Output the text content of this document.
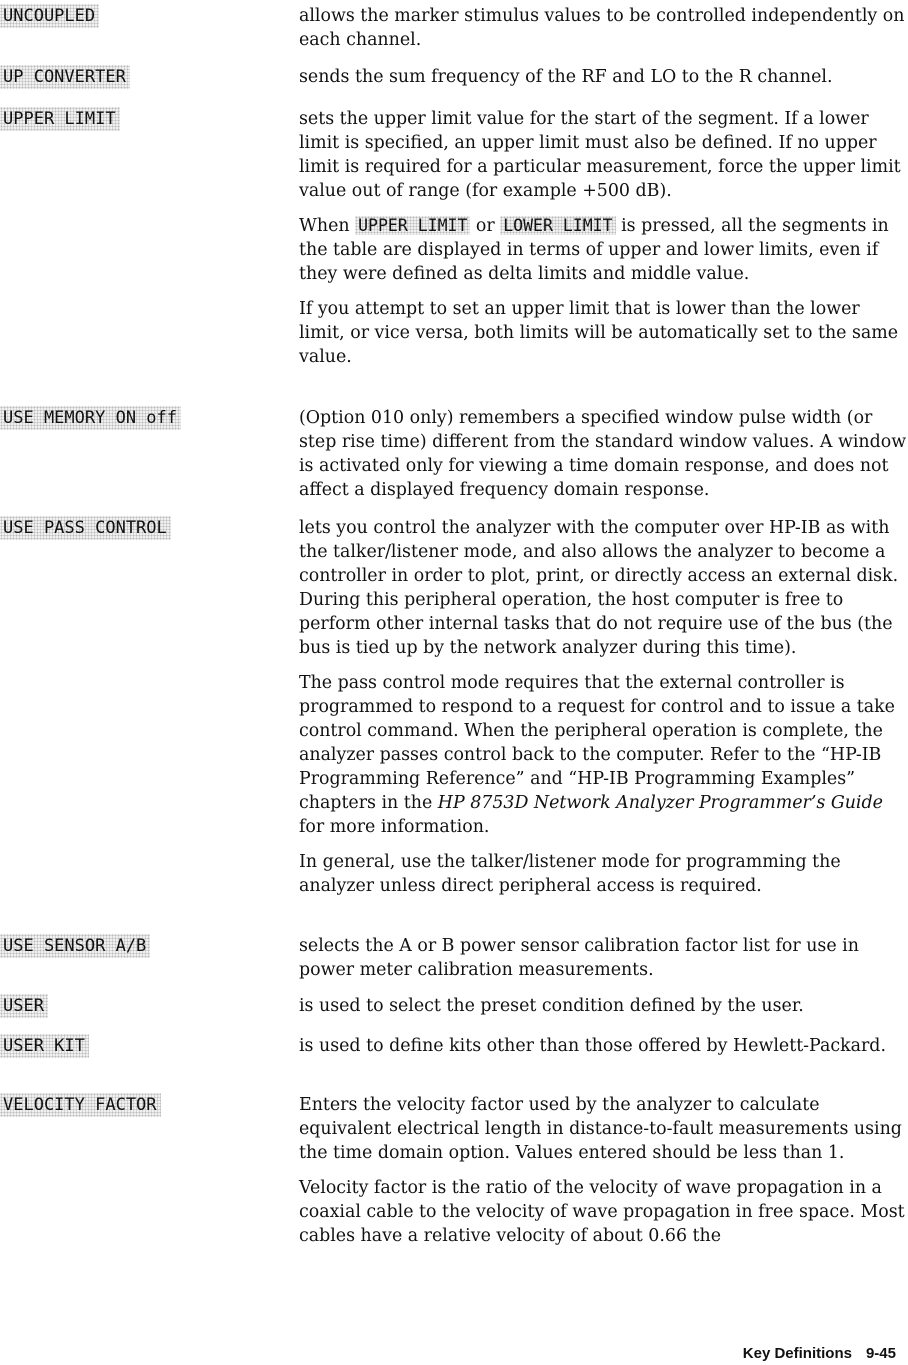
UNCOUPLED	allows the marker stimulus values to be controlled independently on each channel.

UP CONVERTER	sends the sum frequency of the RF and LO to the R channel.

UPPER LIMIT	sets the upper limit value for the start of the segment. If a lower limit is specified, an upper limit must also be defined. If no upper limit is required for a particular measurement, force the upper limit value out of range (for example +500 dB).

When UPPER LIMIT or LOWER LIMIT is pressed, all the segments in the table are displayed in terms of upper and lower limits, even if they were defined as delta limits and middle value.

If you attempt to set an upper limit that is lower than the lower limit, or vice versa, both limits will be automatically set to the same value.

USE MEMORY ON off	(Option 010 only) remembers a specified window pulse width (or step rise time) different from the standard window values. A window is activated only for viewing a time domain response, and does not affect a displayed frequency domain response.

USE PASS CONTROL	lets you control the analyzer with the computer over HP-IB as with the talker/listener mode, and also allows the analyzer to become a controller in order to plot, print, or directly access an external disk. During this peripheral operation, the host computer is free to perform other internal tasks that do not require use of the bus (the bus is tied up by the network analyzer during this time).

The pass control mode requires that the external controller is programmed to respond to a request for control and to issue a take control command. When the peripheral operation is complete, the analyzer passes control back to the computer. Refer to the “HP-IB Programming Reference” and “HP-IB Programming Examples” chapters in the HP 8753D Network Analyzer Programmer’s Guide for more information.

In general, use the talker/listener mode for programming the analyzer unless direct peripheral access is required.

USE SENSOR A/B	selects the A or B power sensor calibration factor list for use in power meter calibration measurements.

USER	is used to select the preset condition defined by the user.

USER KIT	is used to define kits other than those offered by Hewlett-Packard.

VELOCITY FACTOR	Enters the velocity factor used by the analyzer to calculate equivalent electrical length in distance-to-fault measurements using the time domain option. Values entered should be less than 1.

Velocity factor is the ratio of the velocity of wave propagation in a coaxial cable to the velocity of wave propagation in free space. Most cables have a relative velocity of about 0.66 the

Key Definitions 9-45
